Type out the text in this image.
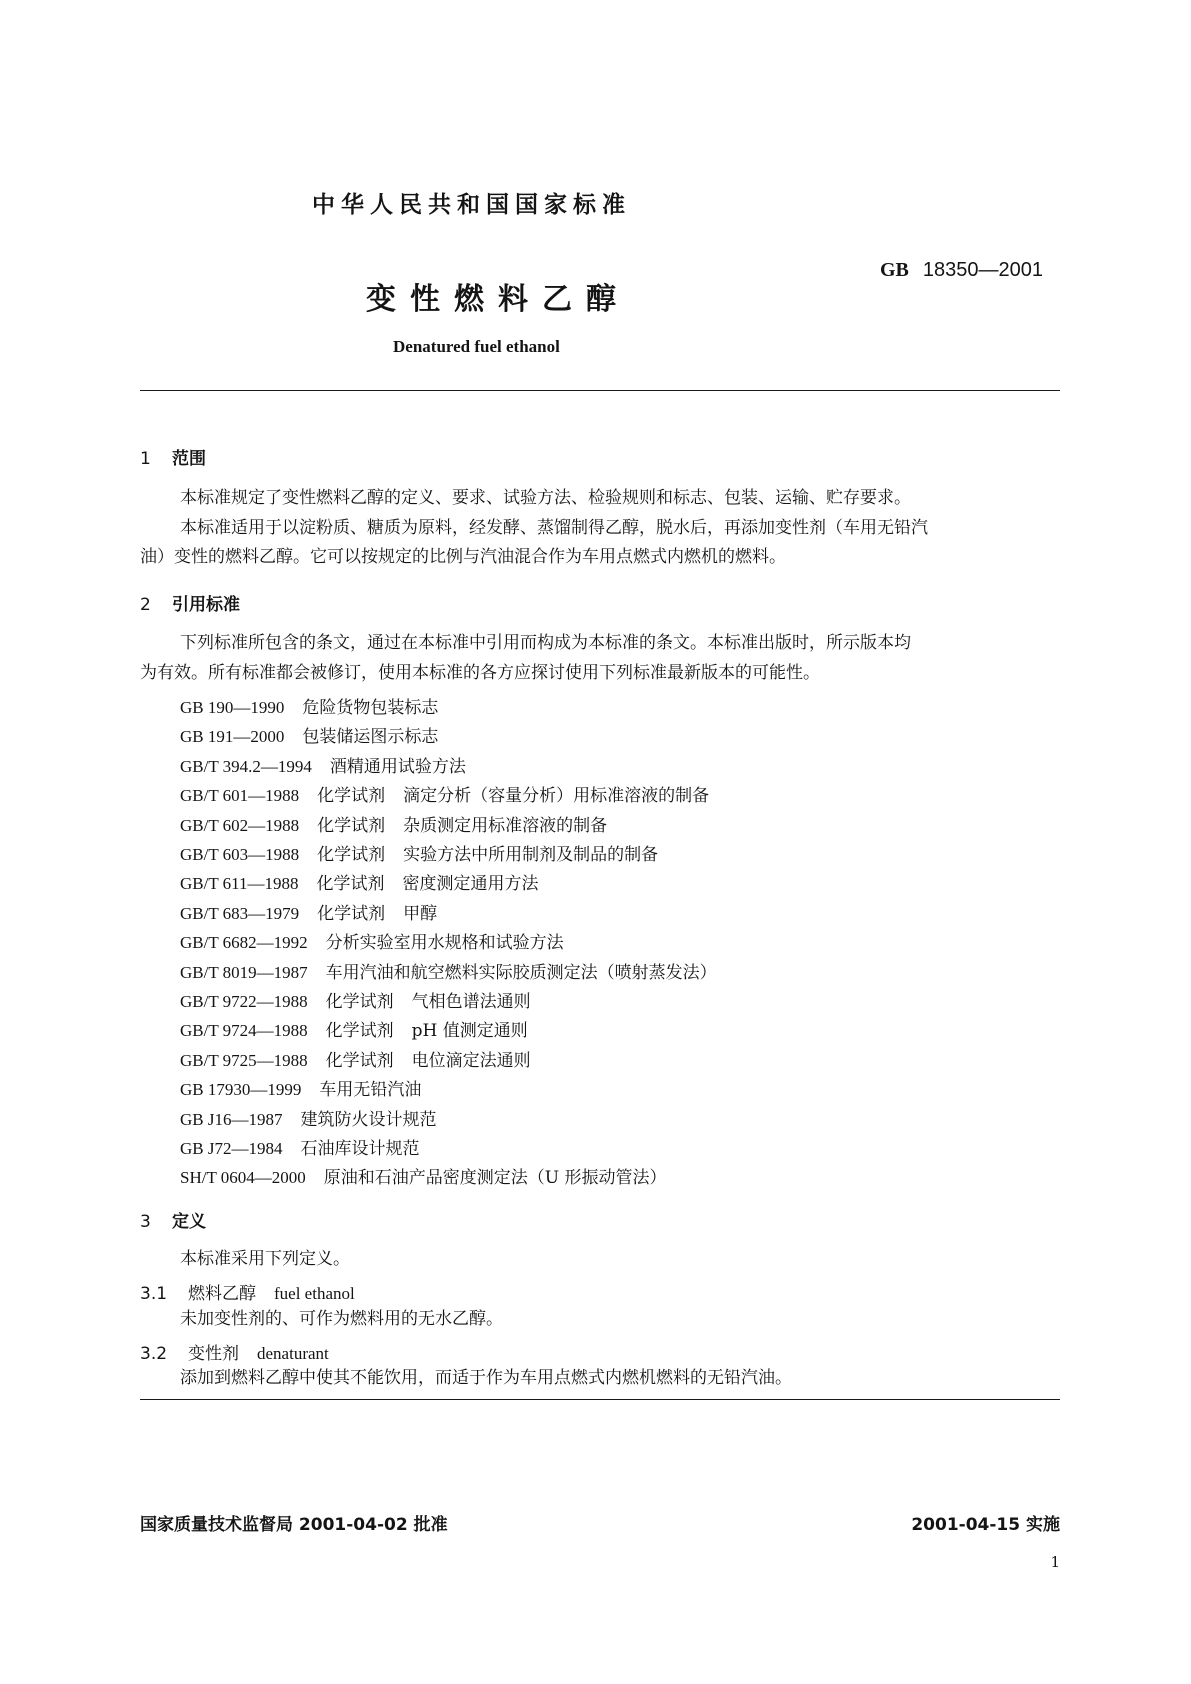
中华人民共和国国家标准
GB 18350—2001
变性燃料乙醇
Denatured fuel ethanol
1 范围
本标准规定了变性燃料乙醇的定义、要求、试验方法、检验规则和标志、包装、运输、贮存要求。
本标准适用于以淀粉质、糖质为原料，经发酵、蒸馏制得乙醇，脱水后，再添加变性剂（车用无铅汽
油）变性的燃料乙醇。它可以按规定的比例与汽油混合作为车用点燃式内燃机的燃料。
2 引用标准
下列标准所包含的条文，通过在本标准中引用而构成为本标准的条文。本标准出版时，所示版本均
为有效。所有标准都会被修订，使用本标准的各方应探讨使用下列标准最新版本的可能性。
GB 190—1990 危险货物包装标志
GB 191—2000 包装储运图示标志
GB/T 394.2—1994 酒精通用试验方法
GB/T 601—1988 化学试剂 滴定分析（容量分析）用标准溶液的制备
GB/T 602—1988 化学试剂 杂质测定用标准溶液的制备
GB/T 603—1988 化学试剂 实验方法中所用制剂及制品的制备
GB/T 611—1988 化学试剂 密度测定通用方法
GB/T 683—1979 化学试剂 甲醇
GB/T 6682—1992 分析实验室用水规格和试验方法
GB/T 8019—1987 车用汽油和航空燃料实际胶质测定法（喷射蒸发法）
GB/T 9722—1988 化学试剂 气相色谱法通则
GB/T 9724—1988 化学试剂 pH 值测定通则
GB/T 9725—1988 化学试剂 电位滴定法通则
GB 17930—1999 车用无铅汽油
GB J16—1987 建筑防火设计规范
GB J72—1984 石油库设计规范
SH/T 0604—2000 原油和石油产品密度测定法（U 形振动管法）
3 定义
本标准采用下列定义。
3.1 燃料乙醇 fuel ethanol
未加变性剂的、可作为燃料用的无水乙醇。
3.2 变性剂 denaturant
添加到燃料乙醇中使其不能饮用，而适于作为车用点燃式内燃机燃料的无铅汽油。
国家质量技术监督局 2001-04-02 批准	2001-04-15 实施
1
